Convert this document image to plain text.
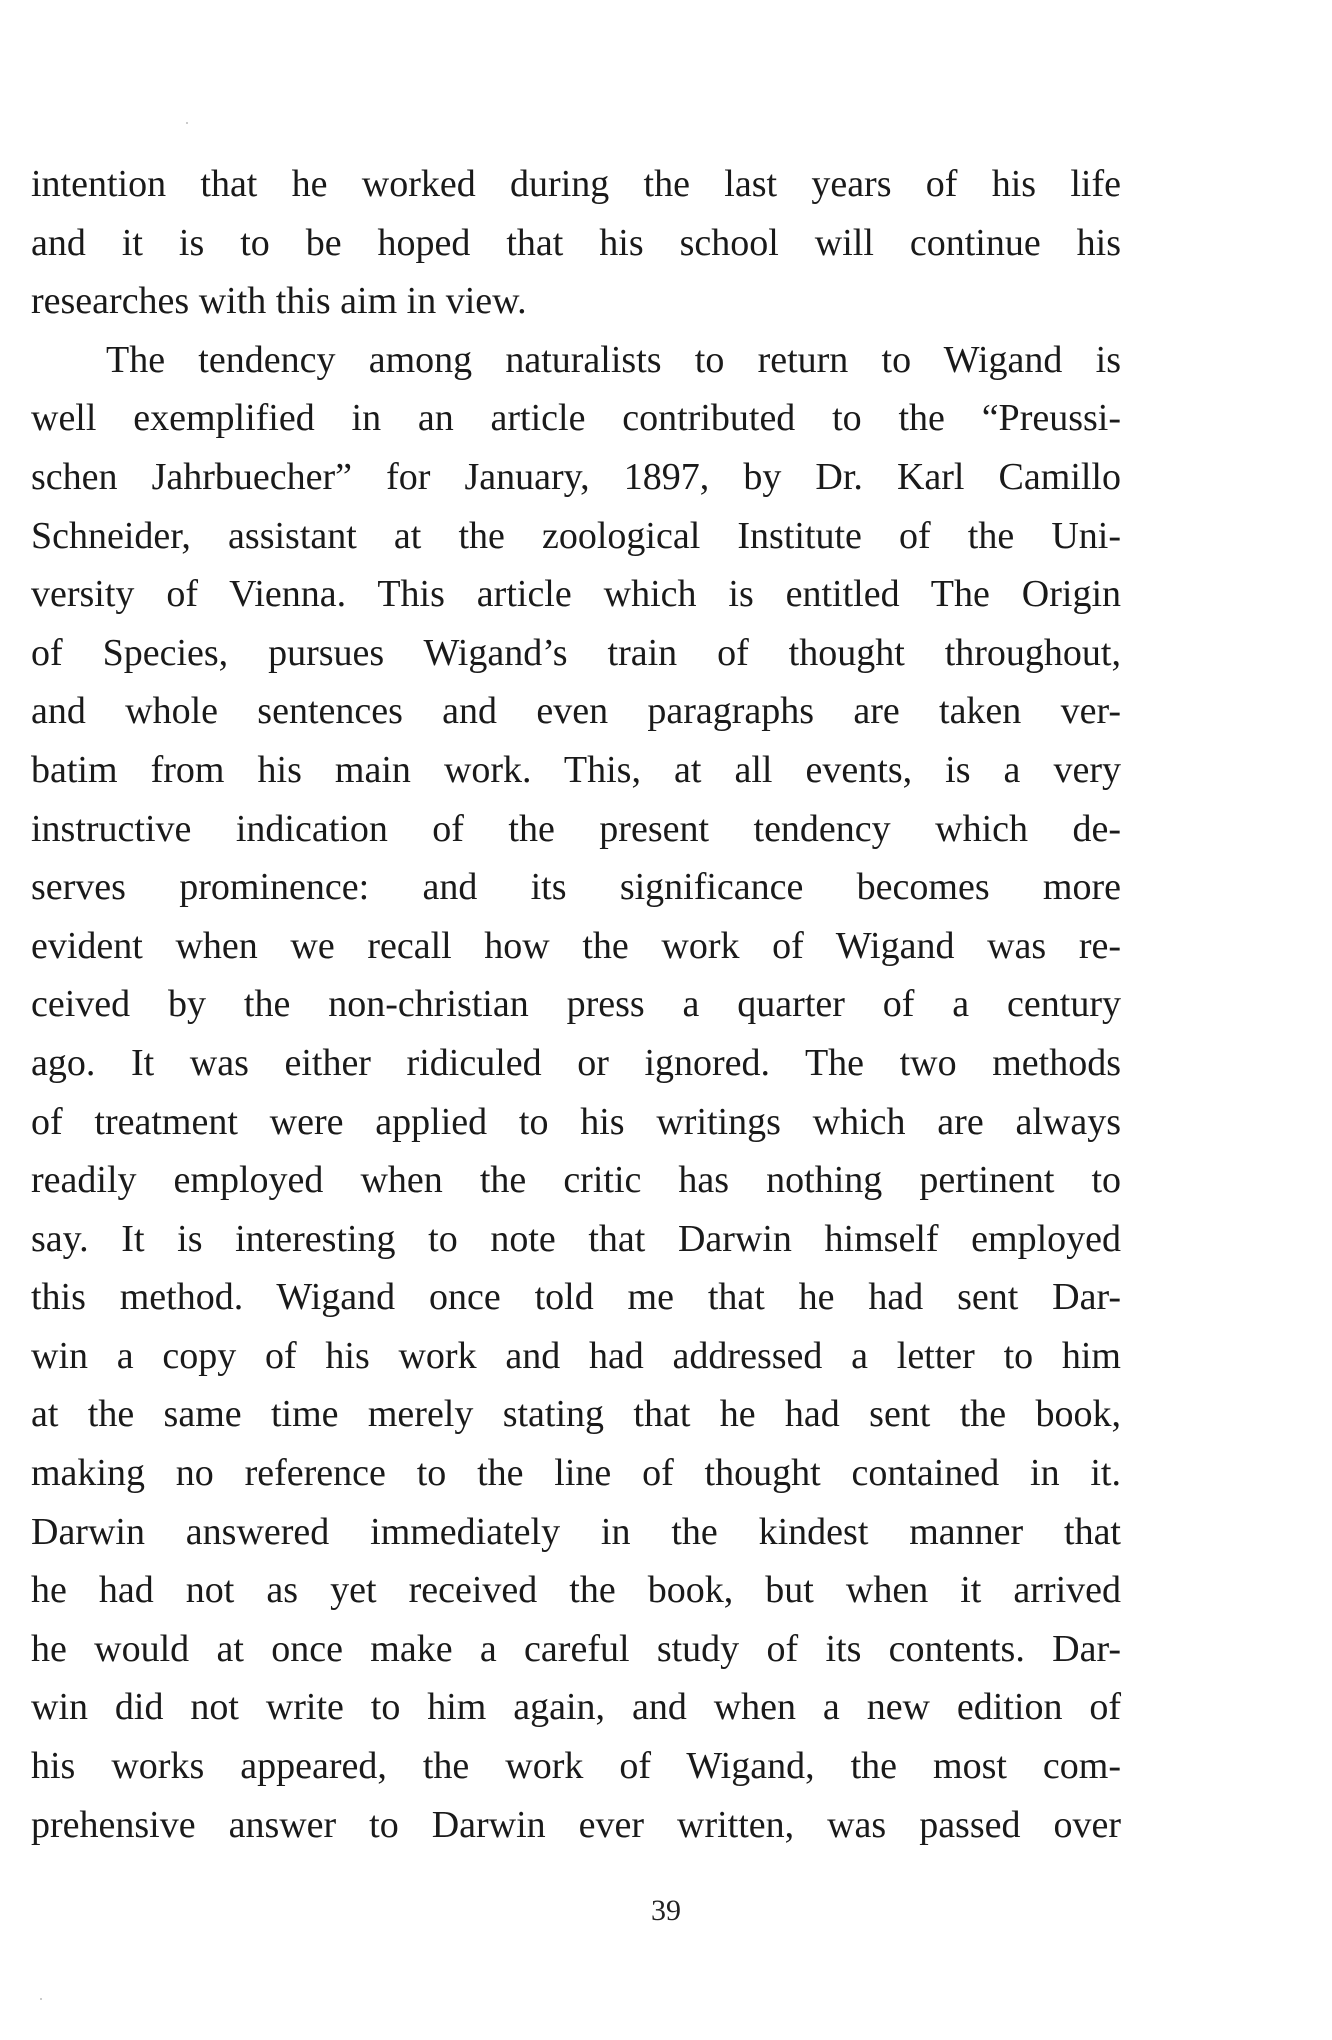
intention that he worked during the last years of his life
and it is to be hoped that his school will continue his
researches with this aim in view.
The tendency among naturalists to return to Wigand is
well exemplified in an article contributed to the “Preussi-
schen Jahrbuecher” for January, 1897, by Dr. Karl Camillo
Schneider, assistant at the zoological Institute of the Uni-
versity of Vienna. This article which is entitled The Origin
of Species, pursues Wigand’s train of thought throughout,
and whole sentences and even paragraphs are taken ver-
batim from his main work. This, at all events, is a very
instructive indication of the present tendency which de-
serves prominence: and its significance becomes more
evident when we recall how the work of Wigand was re-
ceived by the non-christian press a quarter of a century
ago. It was either ridiculed or ignored. The two methods
of treatment were applied to his writings which are always
readily employed when the critic has nothing pertinent to
say. It is interesting to note that Darwin himself employed
this method. Wigand once told me that he had sent Dar-
win a copy of his work and had addressed a letter to him
at the same time merely stating that he had sent the book,
making no reference to the line of thought contained in it.
Darwin answered immediately in the kindest manner that
he had not as yet received the book, but when it arrived
he would at once make a careful study of its contents. Dar-
win did not write to him again, and when a new edition of
his works appeared, the work of Wigand, the most com-
prehensive answer to Darwin ever written, was passed over
39
